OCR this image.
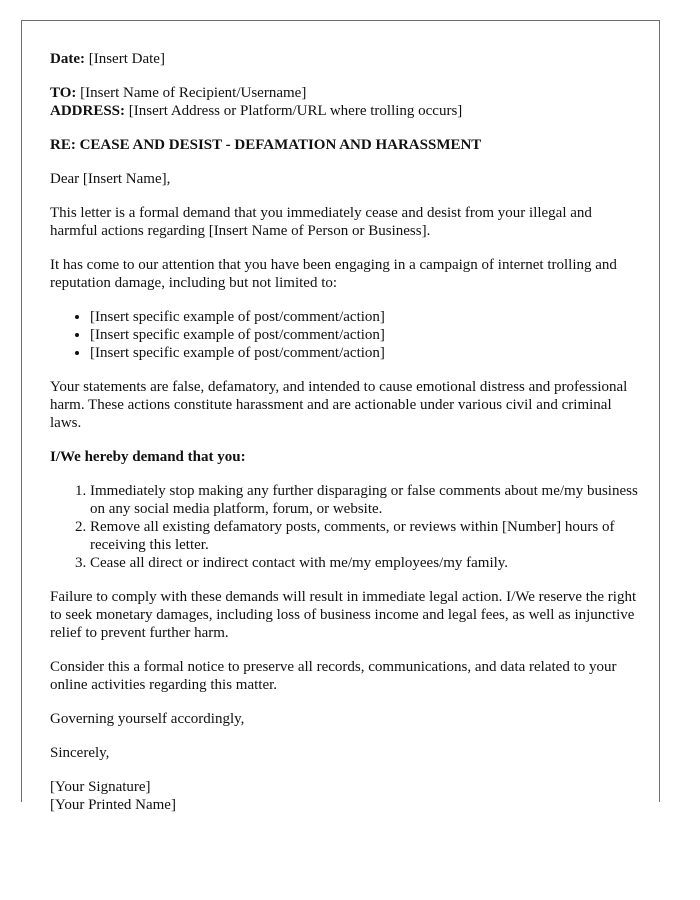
Date: [Insert Date]

TO: [Insert Name of Recipient/Username]

ADDRESS: [Insert Address or Platform/URL where trolling occurs]

RE: CEASE AND DESIST - DEFAMATION AND HARASSMENT

Dear [Insert Name],

This letter is a formal demand that you immediately cease and desist from your illegal and harmful actions regarding [Insert Name of Person or Business].

It has come to our attention that you have been engaging in a campaign of internet trolling and reputation damage, including but not limited to:

• [Insert specific example of post/comment/action]
• [Insert specific example of post/comment/action]
• [Insert specific example of post/comment/action]

Your statements are false, defamatory, and intended to cause emotional distress and professional harm. These actions constitute harassment and are actionable under various civil and criminal laws.

I/We hereby demand that you:

1. Immediately stop making any further disparaging or false comments about me/my business on any social media platform, forum, or website.
2. Remove all existing defamatory posts, comments, or reviews within [Number] hours of receiving this letter.
3. Cease all direct or indirect contact with me/my employees/my family.

Failure to comply with these demands will result in immediate legal action. I/We reserve the right to seek monetary damages, including loss of business income and legal fees, as well as injunctive relief to prevent further harm.

Consider this a formal notice to preserve all records, communications, and data related to your online activities regarding this matter.

Governing yourself accordingly,

Sincerely,

[Your Signature]

[Your Printed Name]
